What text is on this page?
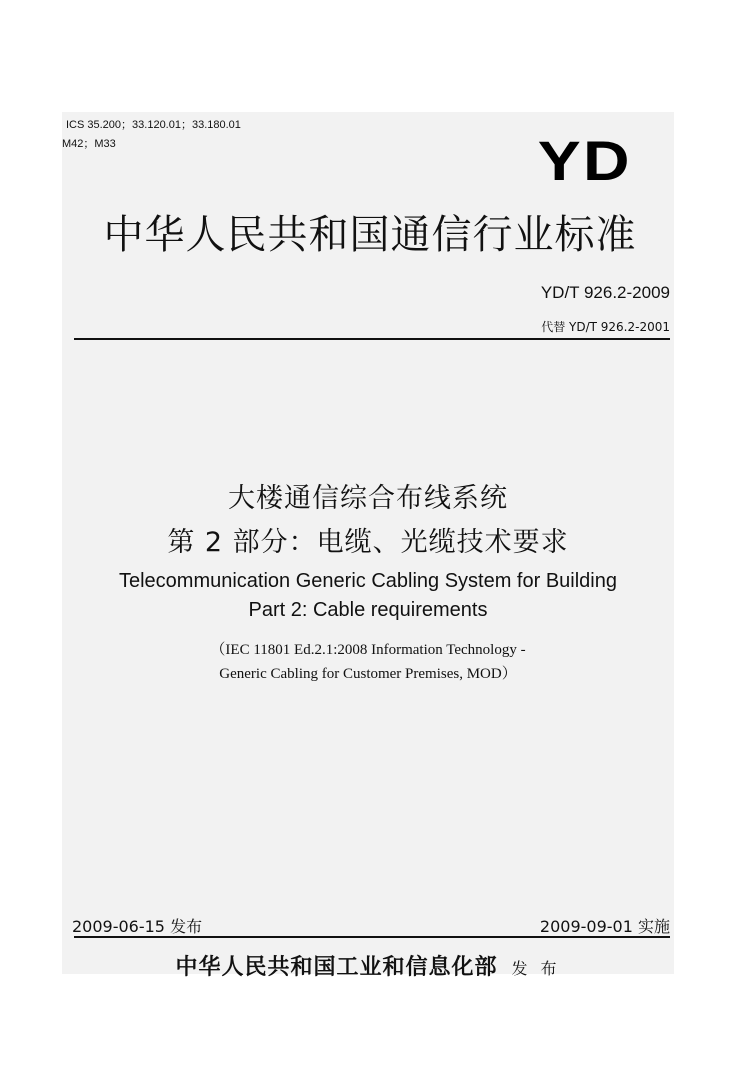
ICS 35.200；33.120.01；33.180.01
M42；M33	YD
中华人民共和国通信行业标准
YD/T 926.2-2009
代替 YD/T 926.2-2001
大楼通信综合布线系统
第 2 部分：电缆、光缆技术要求
Telecommunication Generic Cabling System for Building
Part 2: Cable requirements
（IEC 11801 Ed.2.1:2008 Information Technology -
Generic Cabling for Customer Premises, MOD）
2009-06-15 发布	2009-09-01 实施
中华人民共和国工业和信息化部 发 布
